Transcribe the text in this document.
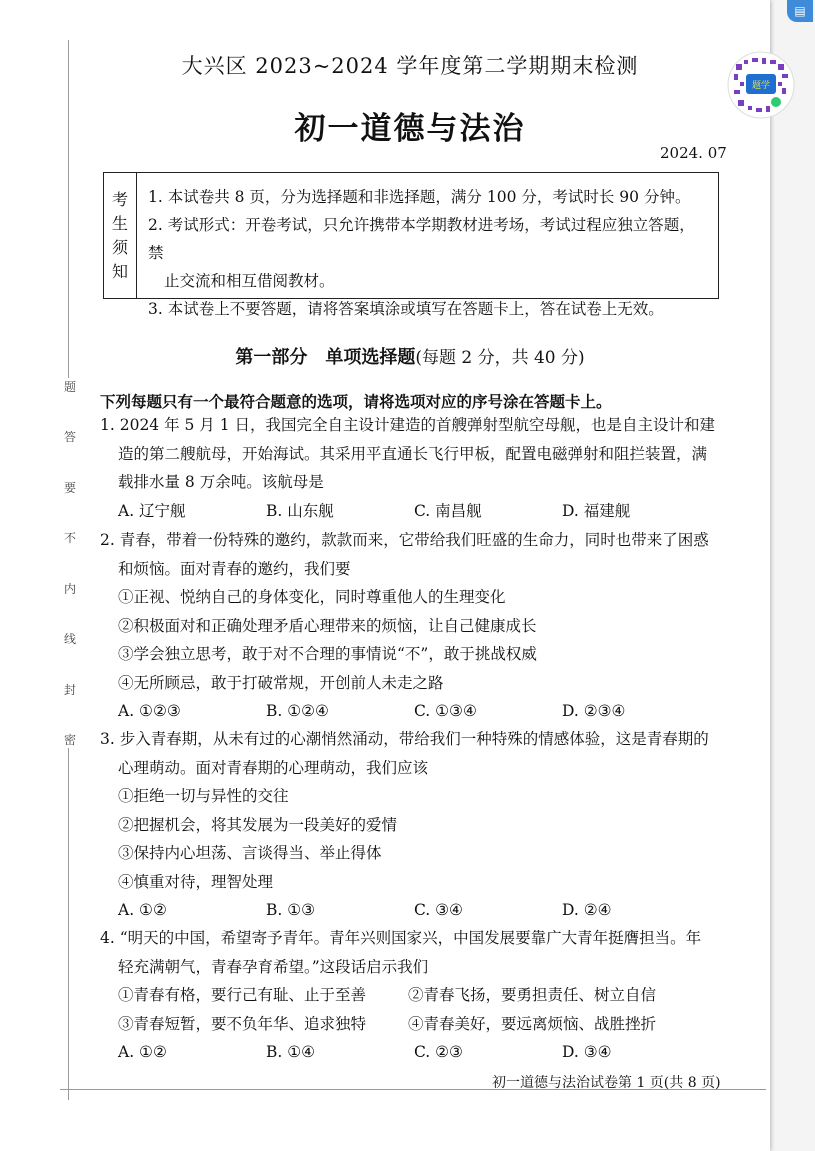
题
答
要
不
内
线
封
密
大兴区 2023~2024 学年度第二学期期末检测
初一道德与法治
2024. 07
考
生
须
知
1. 本试卷共 8 页，分为选择题和非选择题，满分 100 分，考试时长 90 分钟。
2. 考试形式：开卷考试，只允许携带本学期教材进考场，考试过程应独立答题，禁
止交流和相互借阅教材。
3. 本试卷上不要答题，请将答案填涂或填写在答题卡上，答在试卷上无效。
第一部分　单项选择题(每题 2 分，共 40 分)
下列每题只有一个最符合题意的选项，请将选项对应的序号涂在答题卡上。
1. 2024 年 5 月 1 日，我国完全自主设计建造的首艘弹射型航空母舰，也是自主设计和建
造的第二艘航母，开始海试。其采用平直通长飞行甲板，配置电磁弹射和阻拦装置，满
载排水量 8 万余吨。该航母是
A. 辽宁舰	B. 山东舰	C. 南昌舰	D. 福建舰
2. 青春，带着一份特殊的邀约，款款而来，它带给我们旺盛的生命力，同时也带来了困惑
和烦恼。面对青春的邀约，我们要
①正视、悦纳自己的身体变化，同时尊重他人的生理变化
②积极面对和正确处理矛盾心理带来的烦恼，让自己健康成长
③学会独立思考，敢于对不合理的事情说“不”，敢于挑战权威
④无所顾忌，敢于打破常规，开创前人未走之路
A. ①②③	B. ①②④	C. ①③④	D. ②③④
3. 步入青春期，从未有过的心潮悄然涌动，带给我们一种特殊的情感体验，这是青春期的
心理萌动。面对青春期的心理萌动，我们应该
①拒绝一切与异性的交往
②把握机会，将其发展为一段美好的爱情
③保持内心坦荡、言谈得当、举止得体
④慎重对待，理智处理
A. ①②	B. ①③	C. ③④	D. ②④
4. “明天的中国，希望寄予青年。青年兴则国家兴，中国发展要靠广大青年挺膺担当。年
轻充满朝气，青春孕育希望。”这段话启示我们
①青春有格，要行己有耻、止于至善	②青春飞扬，要勇担责任、树立自信
③青春短暂，要不负年华、追求独特	④青春美好，要远离烦恼、战胜挫折
A. ①②	B. ①④	C. ②③	D. ③④
初一道德与法治试卷第 1 页(共 8 页)
题学
▤
